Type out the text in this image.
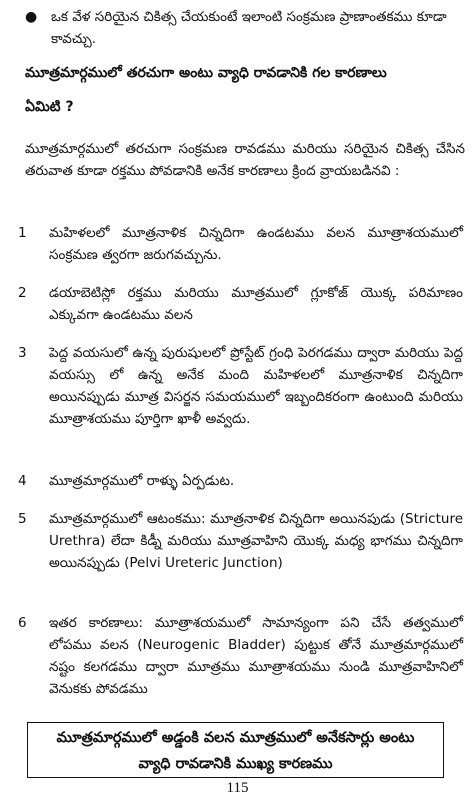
● ఒక వేళ సరియైన చికిత్స చేయకుంటే ఇలాంటి సంక్రమణ ప్రాణాంతకము కూడా కావచ్చు.
మూత్రమార్గములో తరచుగా అంటు వ్యాధి రావడానికి గల కారణాలు
ఏమిటి ?
మూత్రమార్గములో తరచుగా సంక్రమణ రావడము మరియు సరియైన చికిత్స చేసిన తరువాత కూడా రక్తము పోవడానికి అనేక కారణాలు క్రింద వ్రాయబడినవి :
1	మహిళలలో మూత్రనాళిక చిన్నదిగా ఉండటము వలన మూత్రాశయములో సంక్రమణ త్వరగా జరుగవచ్చును.
2	డయాబెటిస్లో రక్తము మరియు మూత్రములో గ్లూకోజ్ యొక్క పరిమాణం ఎక్కువగా ఉండటము వలన
3	పెద్ద వయసులో ఉన్న పురుషులలో ప్రోస్టేట్ గ్రంధి పెరగడము ద్వారా మరియు పెద్ద వయస్సు లో ఉన్న అనేక మంది మహిళలలో మూత్రనాళిక చిన్నదిగా అయినప్పుడు మూత్ర విసర్జన సమయములో ఇబ్బందికరంగా ఉంటుంది మరియు మూత్రాశయము పూర్తిగా ఖాళీ అవ్వదు.
4	మూత్రమార్గములో రాళ్ళు ఏర్పడుట.
5	మూత్రమార్గములో ఆటంకము: మూత్రనాళిక చిన్నదిగా అయినపుడు (Stricture Urethra) లేదా కిడ్నీ మరియు మూత్రవాహిని యొక్క మధ్య భాగము చిన్నదిగా అయినప్పుడు (Pelvi Ureteric Junction)
6	ఇతర కారణాలు: మూత్రాశయములో సామాన్యంగా పని చేసే తత్వములో లోపము వలన (Neurogenic Bladder) పుట్టుక తోనే మూత్రమార్గములో నష్టం కలగడము ద్వారా మూత్రము మూత్రాశయము నుండి మూత్రవాహినిలో వెనుకకు పోవడము
మూత్రమార్గములో అడ్డంకి వలన మూత్రములో అనేకసార్లు అంటు
వ్యాధి రావడానికి ముఖ్య కారణము
115
